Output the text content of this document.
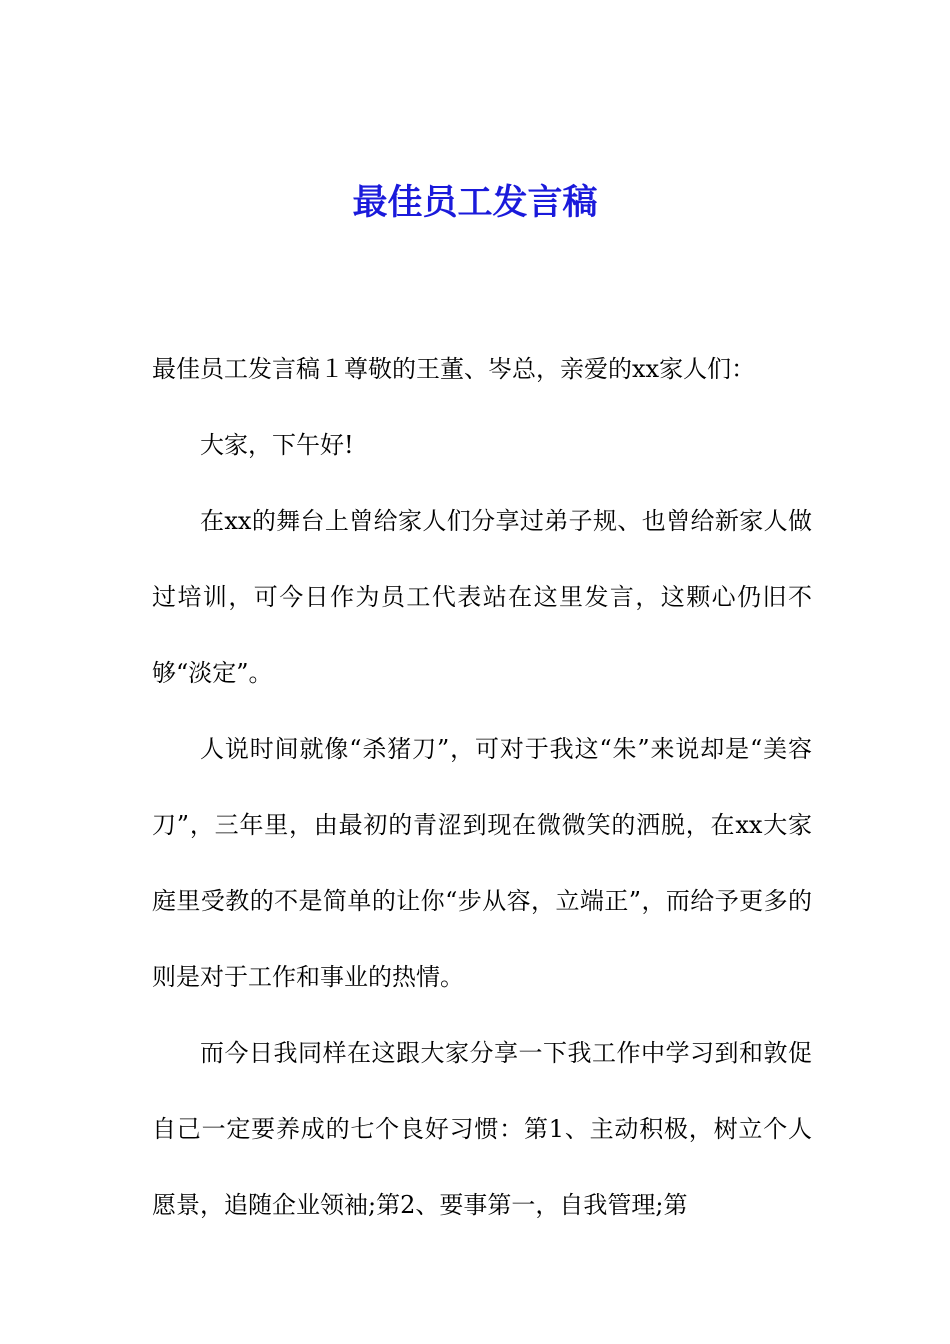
最佳员工发言稿

最佳员工发言稿１尊敬的王董、岑总，亲爱的xx家人们：

大家，下午好!

在xx的舞台上曾给家人们分享过弟子规、也曾给新家人做过培训，可今日作为员工代表站在这里发言，这颗心仍旧不够“淡定”。

人说时间就像“杀猪刀”，可对于我这“朱”来说却是“美容刀”，三年里，由最初的青涩到现在微微笑的洒脱，在xx大家庭里受教的不是简单的让你“步从容，立端正”，而给予更多的则是对于工作和事业的热情。

而今日我同样在这跟大家分享一下我工作中学习到和敦促自己一定要养成的七个良好习惯：第1、主动积极，树立个人愿景，追随企业领袖;第2、要事第一，自我管理;第
